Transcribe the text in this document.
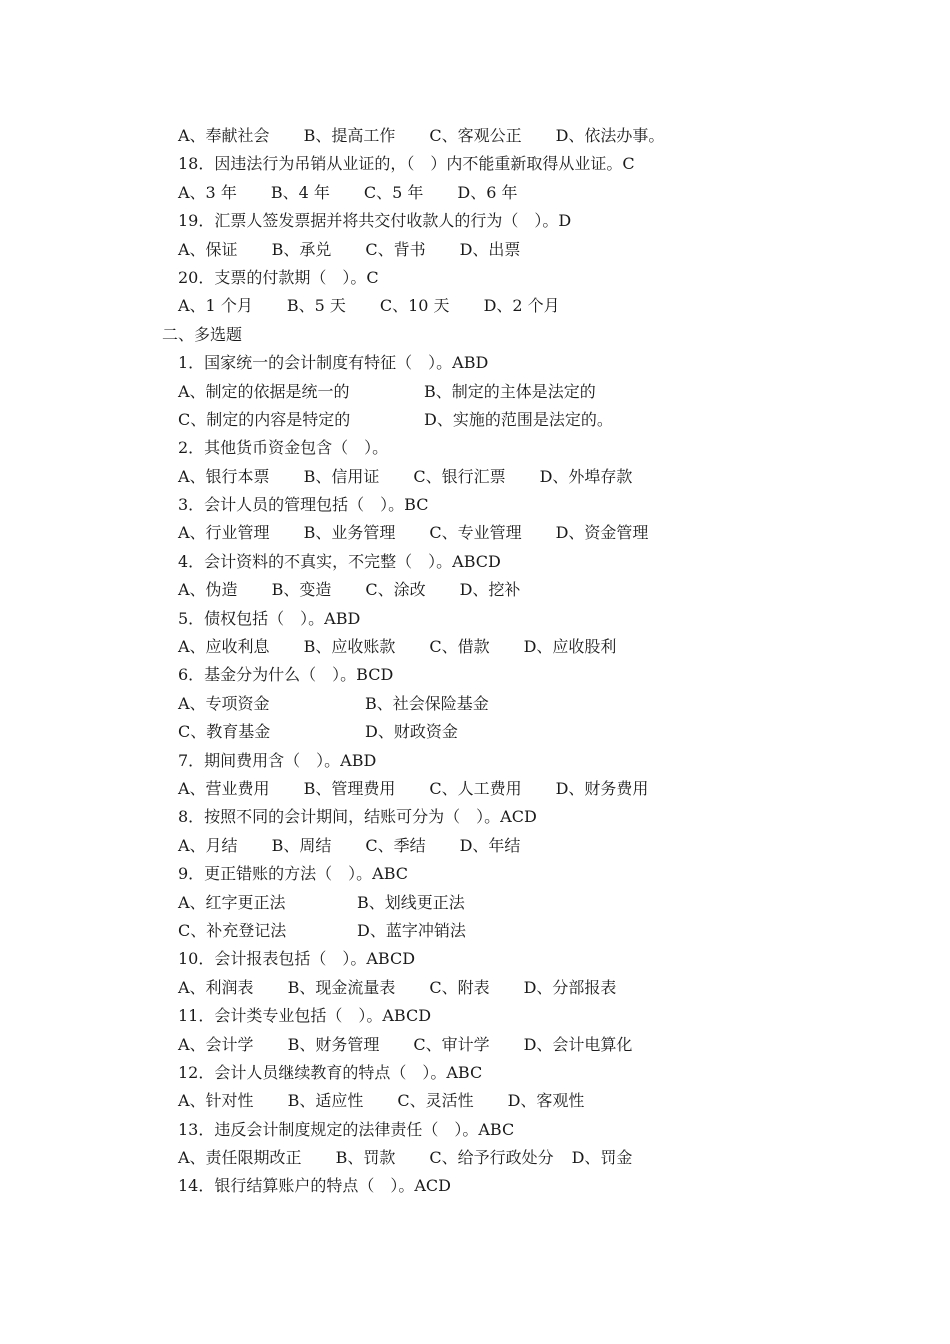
A、奉献社会 B、提高工作 C、客观公正 D、依法办事。
18．因违法行为吊销从业证的，（　）内不能重新取得从业证。C
A、3 年 B、4 年 C、5 年 D、6 年
19．汇票人签发票据并将共交付收款人的行为（　）。D
A、保证 B、承兑 C、背书 D、出票
20．支票的付款期（　）。C
A、1 个月 B、5 天 C、10 天 D、2 个月
二、多选题
1．国家统一的会计制度有特征（　）。ABD
A、制定的依据是统一的	B、制定的主体是法定的
C、制定的内容是特定的	D、实施的范围是法定的。
2．其他货币资金包含（　）。
A、银行本票 B、信用证 C、银行汇票 D、外埠存款
3．会计人员的管理包括（　）。BC
A、行业管理 B、业务管理 C、专业管理 D、资金管理
4．会计资料的不真实，不完整（　）。ABCD
A、伪造 B、变造 C、涂改 D、挖补
5．债权包括（　）。ABD
A、应收利息 B、应收账款 C、借款 D、应收股利
6．基金分为什么（　）。BCD
A、专项资金	B、社会保险基金
C、教育基金	D、财政资金
7．期间费用含（　）。ABD
A、营业费用 B、管理费用 C、人工费用 D、财务费用
8．按照不同的会计期间，结账可分为（　）。ACD
A、月结 B、周结 C、季结 D、年结
9．更正错账的方法（　）。ABC
A、红字更正法	B、划线更正法
C、补充登记法	D、蓝字冲销法
10．会计报表包括（　）。ABCD
A、利润表 B、现金流量表 C、附表 D、分部报表
11．会计类专业包括（　）。ABCD
A、会计学 B、财务管理 C、审计学 D、会计电算化
12．会计人员继续教育的特点（　）。ABC
A、针对性 B、适应性 C、灵活性 D、客观性
13．违反会计制度规定的法律责任（　）。ABC
A、责任限期改正 B、罚款 C、给予行政处分 D、罚金
14．银行结算账户的特点（　）。ACD
